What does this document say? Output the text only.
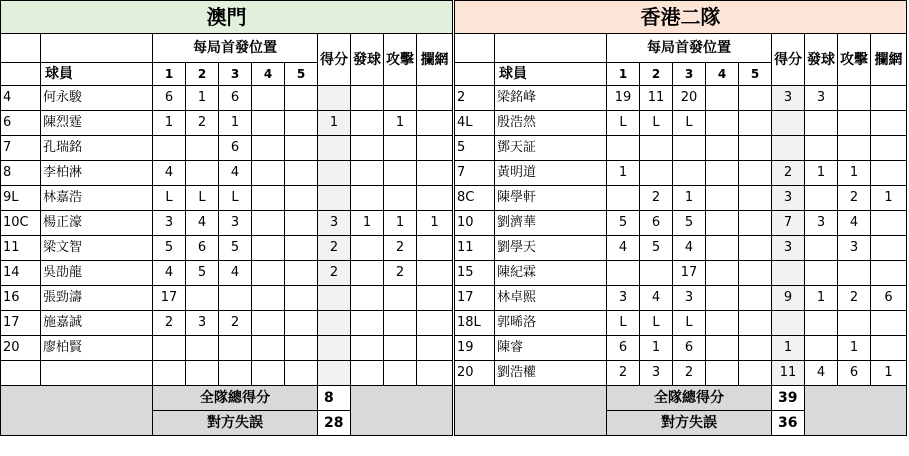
澳門										
		每局首發位置					得分	發球	攻擊	攔網
	球員	1	2	3	4	5				
4	何永駿	6	1	6						
6	陳烈霆	1	2	1			1		1	
7	孔瑞銘			6						
8	李柏淋	4		4						
9L	林嘉浩	L	L	L						
10C	楊正濠	3	4	3			3	1	1	1
11	梁文智	5	6	5			2		2	
14	吳劭龍	4	5	4			2		2	
16	張勁濤	17								
17	施嘉誠	2	3	2						
20	廖柏賢									

		全隊總得分					8			
		對方失誤					28			
香港二隊										
		每局首發位置					得分	發球	攻擊	攔網
	球員	1	2	3	4	5				
2	梁銘峰	19	11	20			3	3		
4L	殷浩然	L	L	L						
5	鄧天証									
7	黃明道	1					2	1	1	
8C	陳學軒		2	1			3		2	1
10	劉濟華	5	6	5			7	3	4	
11	劉學天	4	5	4			3		3	
15	陳紀霖			17						
17	林卓熙	3	4	3			9	1	2	6
18L	郭晞洛	L	L	L						
19	陳睿	6	1	6			1		1	
20	劉浩權	2	3	2			11	4	6	1
		全隊總得分					39			
		對方失誤					36			
